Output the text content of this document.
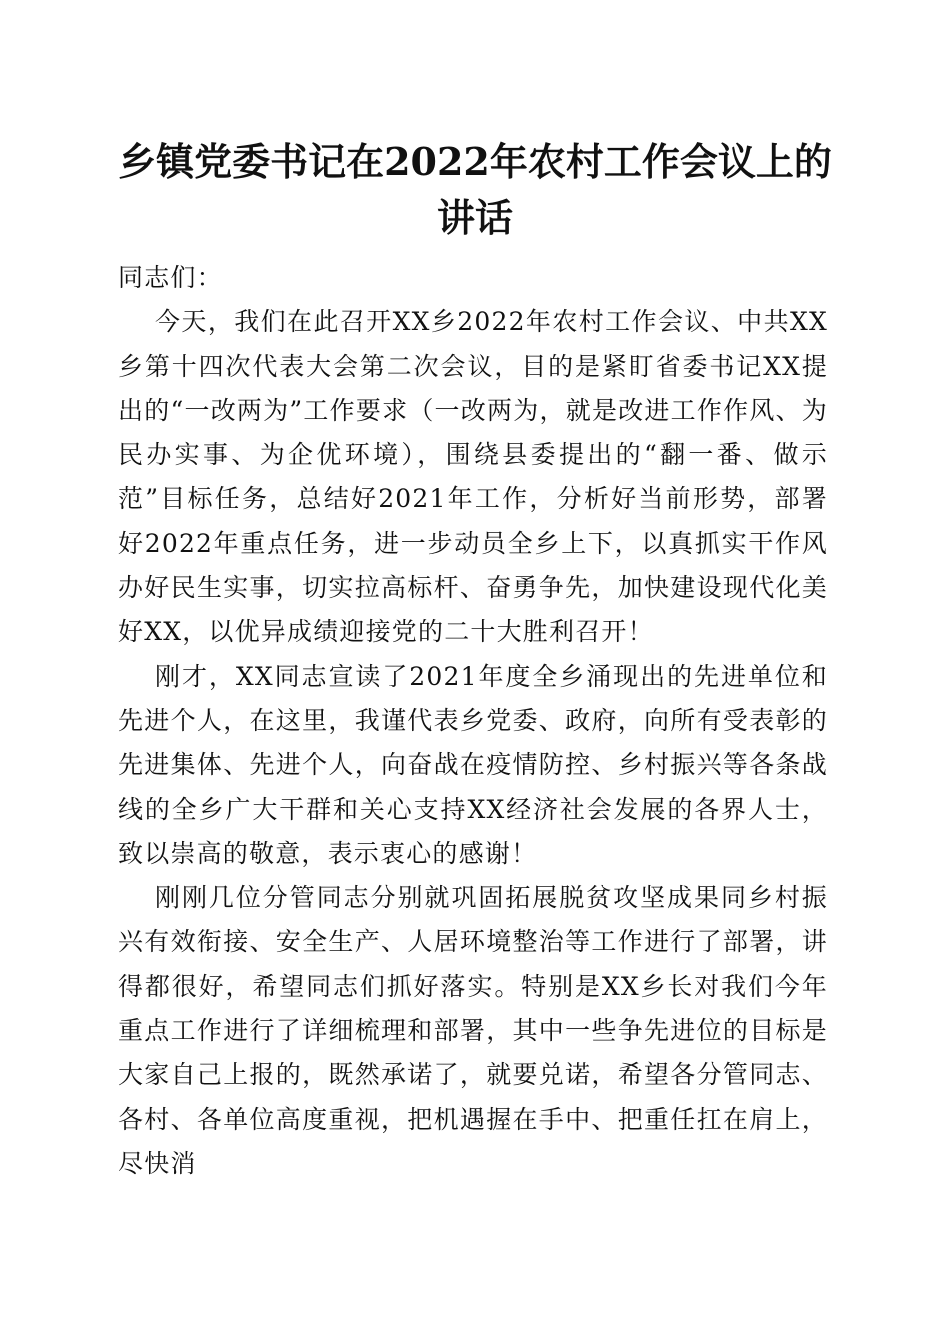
乡镇党委书记在2022年农村工作会议上的讲话

同志们：

今天，我们在此召开XX乡2022年农村工作会议、中共XX乡第十四次代表大会第二次会议，目的是紧盯省委书记XX提出的“一改两为”工作要求（一改两为，就是改进工作作风、为民办实事、为企优环境），围绕县委提出的“翻一番、做示范”目标任务，总结好2021年工作，分析好当前形势，部署好2022年重点任务，进一步动员全乡上下，以真抓实干作风办好民生实事，切实拉高标杆、奋勇争先，加快建设现代化美好XX，以优异成绩迎接党的二十大胜利召开！

刚才，XX同志宣读了2021年度全乡涌现出的先进单位和先进个人，在这里，我谨代表乡党委、政府，向所有受表彰的先进集体、先进个人，向奋战在疫情防控、乡村振兴等各条战线的全乡广大干群和关心支持XX经济社会发展的各界人士，致以崇高的敬意，表示衷心的感谢！

刚刚几位分管同志分别就巩固拓展脱贫攻坚成果同乡村振兴有效衔接、安全生产、人居环境整治等工作进行了部署，讲得都很好，希望同志们抓好落实。特别是XX乡长对我们今年重点工作进行了详细梳理和部署，其中一些争先进位的目标是大家自己上报的，既然承诺了，就要兑诺，希望各分管同志、各村、各单位高度重视，把机遇握在手中、把重任扛在肩上，尽快消
